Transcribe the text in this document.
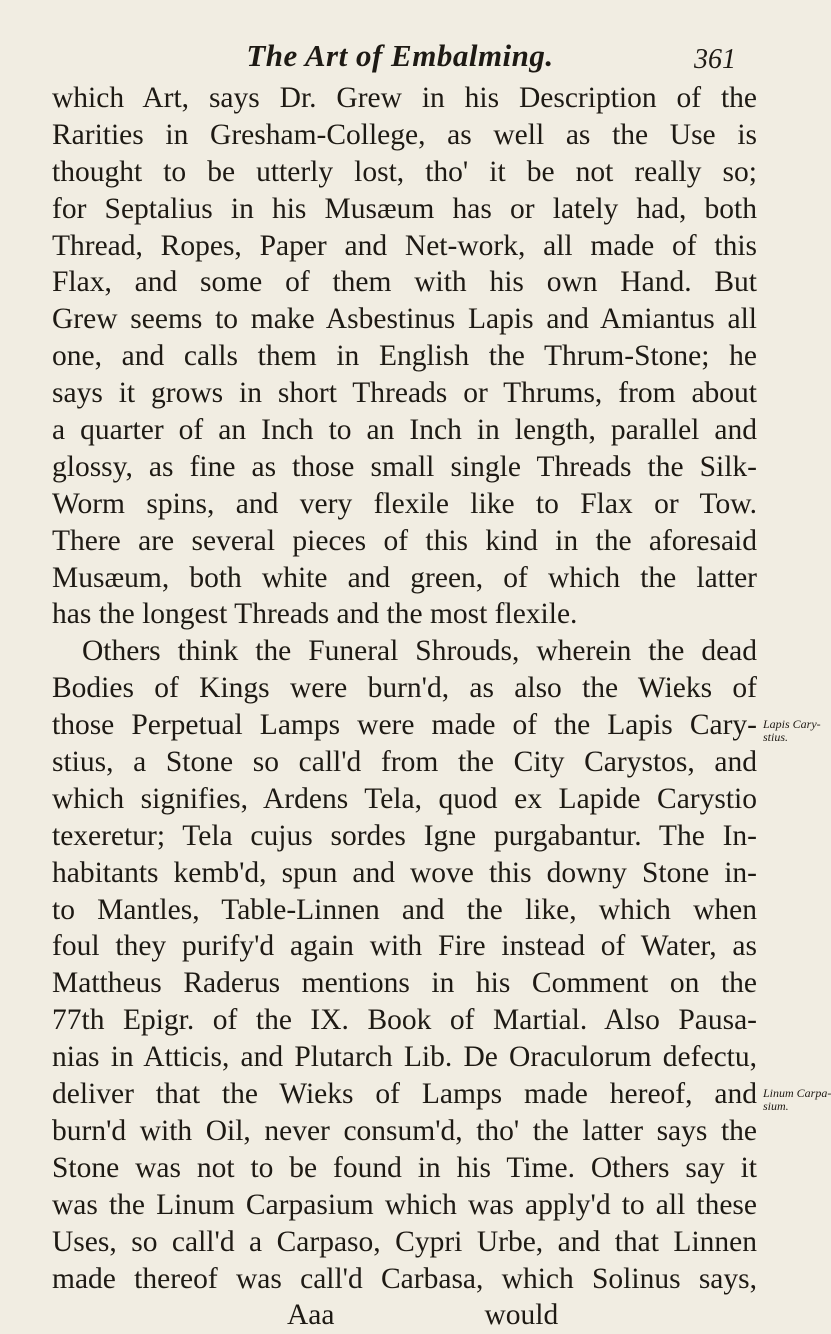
The Art of Embalming.	361
which Art, says Dr. Grew in his Description of the
Rarities in Gresham-College, as well as the Use is
thought to be utterly lost, tho' it be not really so;
for Septalius in his Musæum has or lately had, both
Thread, Ropes, Paper and Net-work, all made of this
Flax, and some of them with his own Hand. But
Grew seems to make Asbestinus Lapis and Amiantus all
one, and calls them in English the Thrum-Stone; he
says it grows in short Threads or Thrums, from about
a quarter of an Inch to an Inch in length, parallel and
glossy, as fine as those small single Threads the Silk-
Worm spins, and very flexile like to Flax or Tow.
There are several pieces of this kind in the aforesaid
Musæum, both white and green, of which the latter
has the longest Threads and the most flexile.
Others think the Funeral Shrouds, wherein the dead
Bodies of Kings were burn'd, as also the Wieks of
those Perpetual Lamps were made of the Lapis Cary-
stius, a Stone so call'd from the City Carystos, and
which signifies, Ardens Tela, quod ex Lapide Carystio
texeretur; Tela cujus sordes Igne purgabantur. The In-
habitants kemb'd, spun and wove this downy Stone in-
to Mantles, Table-Linnen and the like, which when
foul they purify'd again with Fire instead of Water, as
Mattheus Raderus mentions in his Comment on the
77th Epigr. of the IX. Book of Martial. Also Pausa-
nias in Atticis, and Plutarch Lib. De Oraculorum defectu,
deliver that the Wieks of Lamps made hereof, and
burn'd with Oil, never consum'd, tho' the latter says the
Stone was not to be found in his Time. Others say it
was the Linum Carpasium which was apply'd to all these
Uses, so call'd a Carpaso, Cypri Urbe, and that Linnen
made thereof was call'd Carbasa, which Solinus says,
Aaa	would
Lapis Cary-
stius.
Linum Carpa-
sium.
